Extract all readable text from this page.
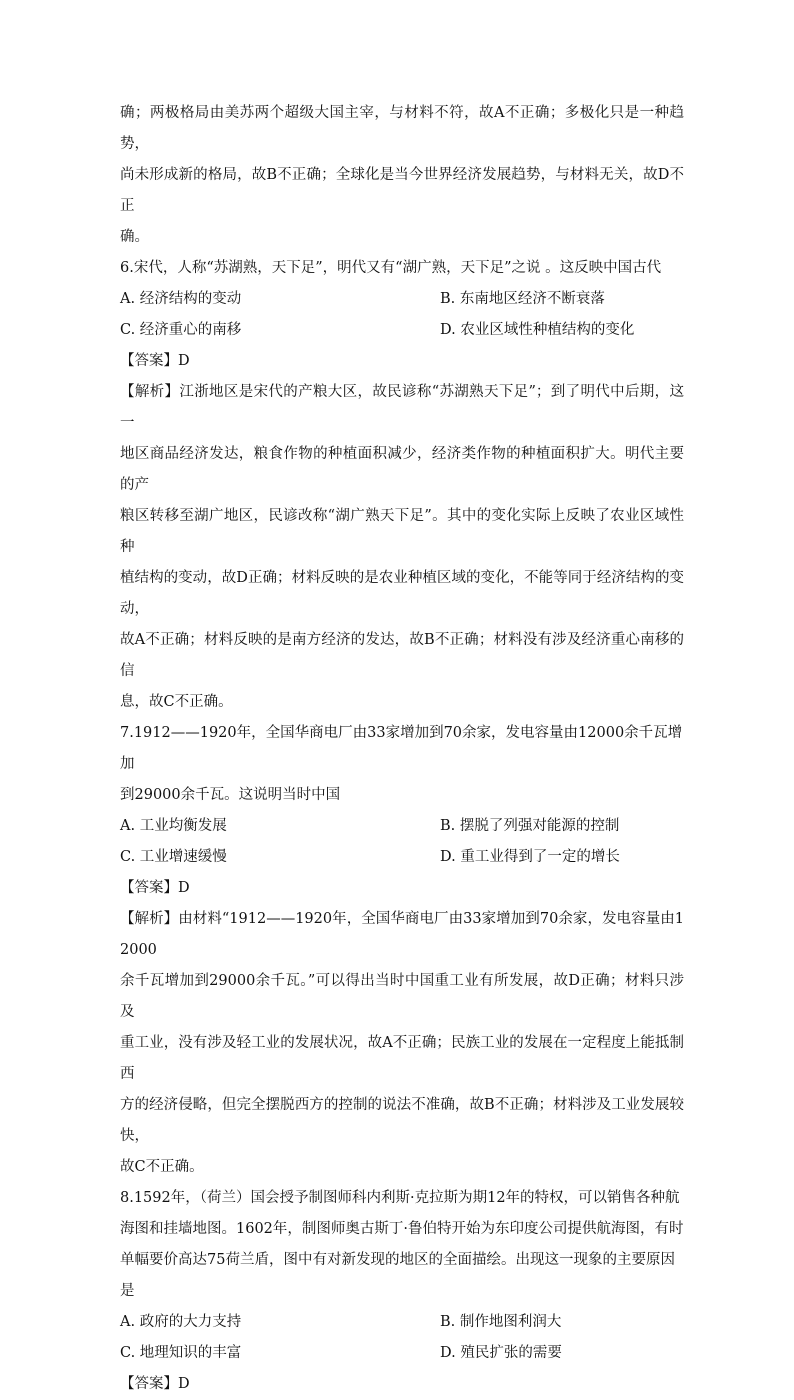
确；两极格局由美苏两个超级大国主宰，与材料不符，故A不正确；多极化只是一种趋势，

尚未形成新的格局，故B不正确；全球化是当今世界经济发展趋势，与材料无关，故D不正

确。

6.宋代，人称“苏湖熟，天下足”，明代又有“湖广熟，天下足”之说 。这反映中国古代

A. 经济结构的变动	B. 东南地区经济不断衰落
C. 经济重心的南移	D. 农业区域性种植结构的变化

【答案】D

【解析】江浙地区是宋代的产粮大区，故民谚称“苏湖熟天下足”；到了明代中后期，这一

地区商品经济发达，粮食作物的种植面积减少，经济类作物的种植面积扩大。明代主要的产

粮区转移至湖广地区，民谚改称“湖广熟天下足”。其中的变化实际上反映了农业区域性种

植结构的变动，故D正确；材料反映的是农业种植区域的变化，不能等同于经济结构的变动，

故A不正确；材料反映的是南方经济的发达，故B不正确；材料没有涉及经济重心南移的信

息，故C不正确。

7.1912——1920年，全国华商电厂由33家增加到70余家，发电容量由12000余千瓦增加

到29000余千瓦。这说明当时中国

A. 工业均衡发展	B. 摆脱了列强对能源的控制
C. 工业增速缓慢	D. 重工业得到了一定的增长

【答案】D

【解析】由材料“1912——1920年，全国华商电厂由33家增加到70余家，发电容量由12000

余千瓦增加到29000余千瓦。”可以得出当时中国重工业有所发展，故D正确；材料只涉及

重工业，没有涉及轻工业的发展状况，故A不正确；民族工业的发展在一定程度上能抵制西

方的经济侵略，但完全摆脱西方的控制的说法不准确，故B不正确；材料涉及工业发展较快，

故C不正确。

8.1592年，（荷兰）国会授予制图师科内利斯·克拉斯为期12年的特权，可以销售各种航

海图和挂墙地图。1602年，制图师奥古斯丁·鲁伯特开始为东印度公司提供航海图，有时

单幅要价高达75荷兰盾，图中有对新发现的地区的全面描绘。出现这一现象的主要原因是

A. 政府的大力支持	B. 制作地图利润大
C. 地理知识的丰富	D. 殖民扩张的需要

【答案】D
